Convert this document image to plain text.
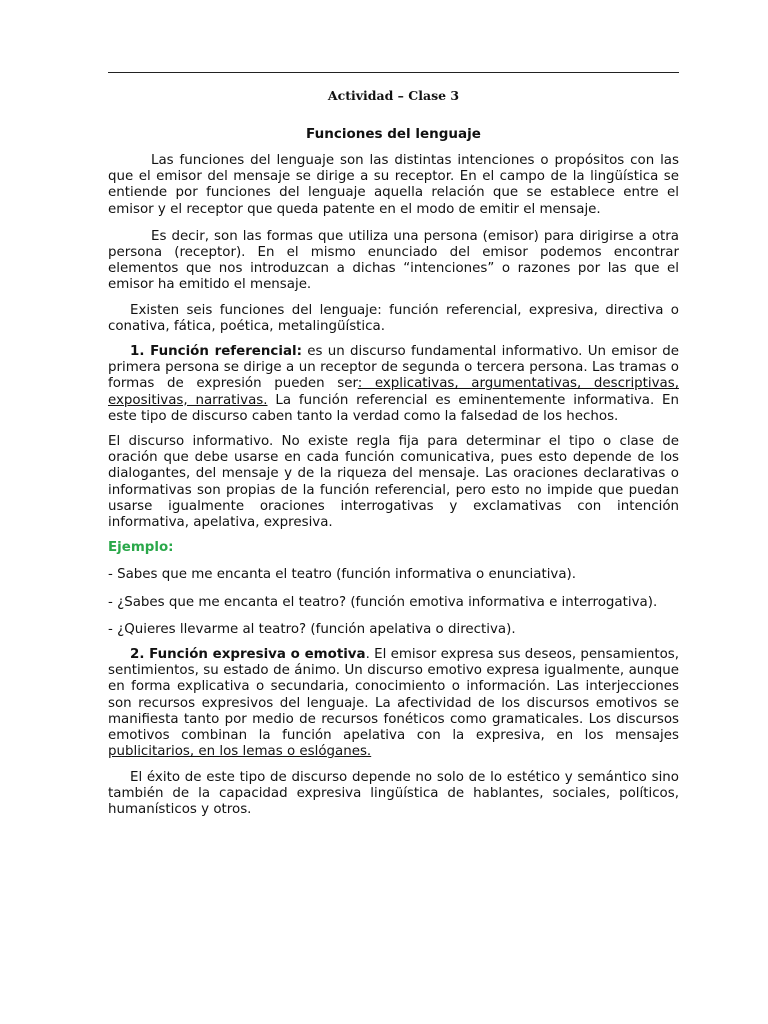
Actividad – Clase 3
Funciones del lenguaje

Las funciones del lenguaje son las distintas intenciones o propósitos con las que el emisor del mensaje se dirige a su receptor. En el campo de la lingüística se entiende por funciones del lenguaje aquella relación que se establece entre el emisor y el receptor que queda patente en el modo de emitir el mensaje.

Es decir, son las formas que utiliza una persona (emisor) para dirigirse a otra persona (receptor). En el mismo enunciado del emisor podemos encontrar elementos que nos introduzcan a dichas “intenciones” o razones por las que el emisor ha emitido el mensaje.

Existen seis funciones del lenguaje: función referencial, expresiva, directiva o conativa, fática, poética, metalingüística.

1. Función referencial: es un discurso fundamental informativo. Un emisor de primera persona se dirige a un receptor de segunda o tercera persona. Las tramas o formas de expresión pueden ser: explicativas, argumentativas, descriptivas, expositivas, narrativas. La función referencial es eminentemente informativa. En este tipo de discurso caben tanto la verdad como la falsedad de los hechos.

El discurso informativo. No existe regla fija para determinar el tipo o clase de oración que debe usarse en cada función comunicativa, pues esto depende de los dialogantes, del mensaje y de la riqueza del mensaje. Las oraciones declarativas o informativas son propias de la función referencial, pero esto no impide que puedan usarse igualmente oraciones interrogativas y exclamativas con intención informativa, apelativa, expresiva.

Ejemplo:

- Sabes que me encanta el teatro (función informativa o enunciativa).

- ¿Sabes que me encanta el teatro? (función emotiva informativa e interrogativa).

- ¿Quieres llevarme al teatro? (función apelativa o directiva).

2. Función expresiva o emotiva. El emisor expresa sus deseos, pensamientos, sentimientos, su estado de ánimo. Un discurso emotivo expresa igualmente, aunque en forma explicativa o secundaria, conocimiento o información. Las interjecciones son recursos expresivos del lenguaje. La afectividad de los discursos emotivos se manifiesta tanto por medio de recursos fonéticos como gramaticales. Los discursos emotivos combinan la función apelativa con la expresiva, en los mensajes publicitarios, en los lemas o eslóganes.

El éxito de este tipo de discurso depende no solo de lo estético y semántico sino también de la capacidad expresiva lingüística de hablantes, sociales, políticos, humanísticos y otros.
